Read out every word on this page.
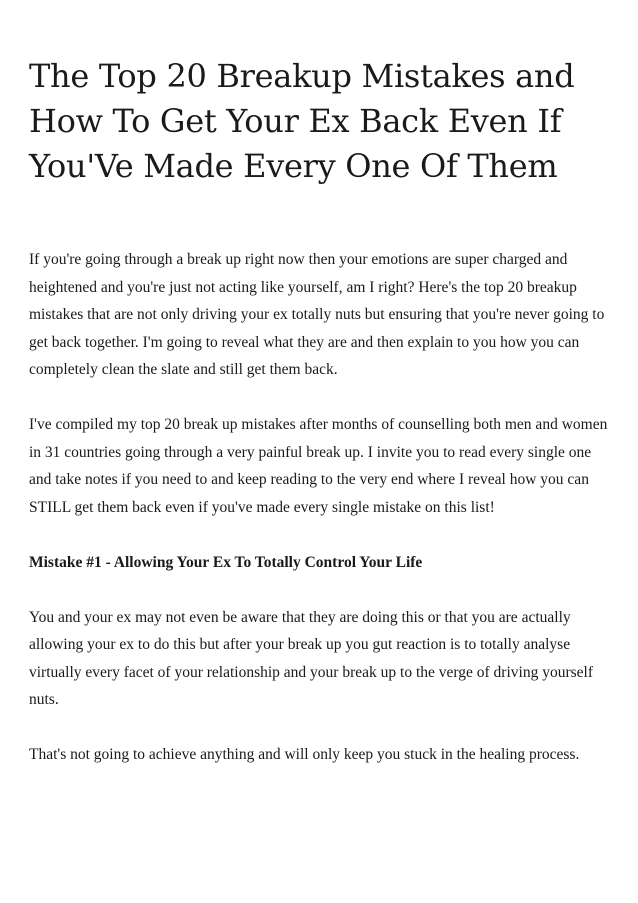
The Top 20 Breakup Mistakes and How To Get Your Ex Back Even If You'Ve Made Every One Of Them

If you're going through a break up right now then your emotions are super charged and heightened and you're just not acting like yourself, am I right? Here's the top 20 breakup mistakes that are not only driving your ex totally nuts but ensuring that you're never going to get back together. I'm going to reveal what they are and then explain to you how you can completely clean the slate and still get them back.

I've compiled my top 20 break up mistakes after months of counselling both men and women in 31 countries going through a very painful break up. I invite you to read every single one and take notes if you need to and keep reading to the very end where I reveal how you can STILL get them back even if you've made every single mistake on this list!

Mistake #1 - Allowing Your Ex To Totally Control Your Life

You and your ex may not even be aware that they are doing this or that you are actually allowing your ex to do this but after your break up you gut reaction is to totally analyse virtually every facet of your relationship and your break up to the verge of driving yourself nuts.

That's not going to achieve anything and will only keep you stuck in the healing process.
